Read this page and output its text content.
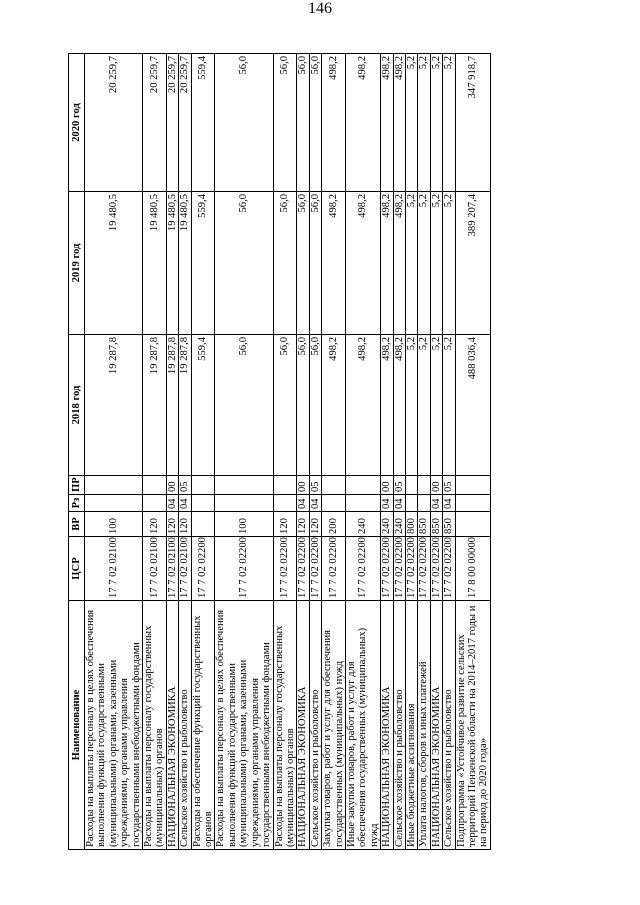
146
Наименование	ЦСР	ВР	Рз	ПР	2018 год	2019 год	2020 год
Расходы на выплаты персоналу в целях обеспечения выполнения функций государственными (муниципальными) органами, казенными учреждениями, органами управления государственными внебюджетными фондами	17 7 02 02100	100			19 287,8	19 480,5	20 259,7
Расходы на выплаты персоналу государственных (муниципальных) органов	17 7 02 02100	120			19 287,8	19 480,5	20 259,7
НАЦИОНАЛЬНАЯ ЭКОНОМИКА	17 7 02 02100	120	04	00	19 287,8	19 480,5	20 259,7
Сельское хозяйство и рыболовство	17 7 02 02100	120	04	05	19 287,8	19 480,5	20 259,7
Расходы на обеспечение функций государственных органов	17 7 02 02200				559,4	559,4	559,4
Расходы на выплаты персоналу в целях обеспечения выполнения функций государственными (муниципальными) органами, казенными учреждениями, органами управления государственными внебюджетными фондами	17 7 02 02200	100			56,0	56,0	56,0
Расходы на выплаты персоналу государственных (муниципальных) органов	17 7 02 02200	120			56,0	56,0	56,0
НАЦИОНАЛЬНАЯ ЭКОНОМИКА	17 7 02 02200	120	04	00	56,0	56,0	56,0
Сельское хозяйство и рыболовство	17 7 02 02200	120	04	05	56,0	56,0	56,0
Закупка товаров, работ и услуг для обеспечения государственных (муниципальных) нужд	17 7 02 02200	200			498,2	498,2	498,2
Иные закупки товаров, работ и услуг для обеспечения государственных (муниципальных) нужд	17 7 02 02200	240			498,2	498,2	498,2
НАЦИОНАЛЬНАЯ ЭКОНОМИКА	17 7 02 02200	240	04	00	498,2	498,2	498,2
Сельское хозяйство и рыболовство	17 7 02 02200	240	04	05	498,2	498,2	498,2
Иные бюджетные ассигнования	17 7 02 02200	800			5,2	5,2	5,2
Уплата налогов, сборов и иных платежей	17 7 02 02200	850			5,2	5,2	5,2
НАЦИОНАЛЬНАЯ ЭКОНОМИКА	17 7 02 02200	850	04	00	5,2	5,2	5,2
Сельское хозяйство и рыболовство	17 7 02 02200	850	04	05	5,2	5,2	5,2
Подпрограмма «Устойчивое развитие сельских территорий Пензенской области на 2014–2017 годы и на период до 2020 года»	17 8 00 00000				488 036,4	389 207,4	347 918,7
